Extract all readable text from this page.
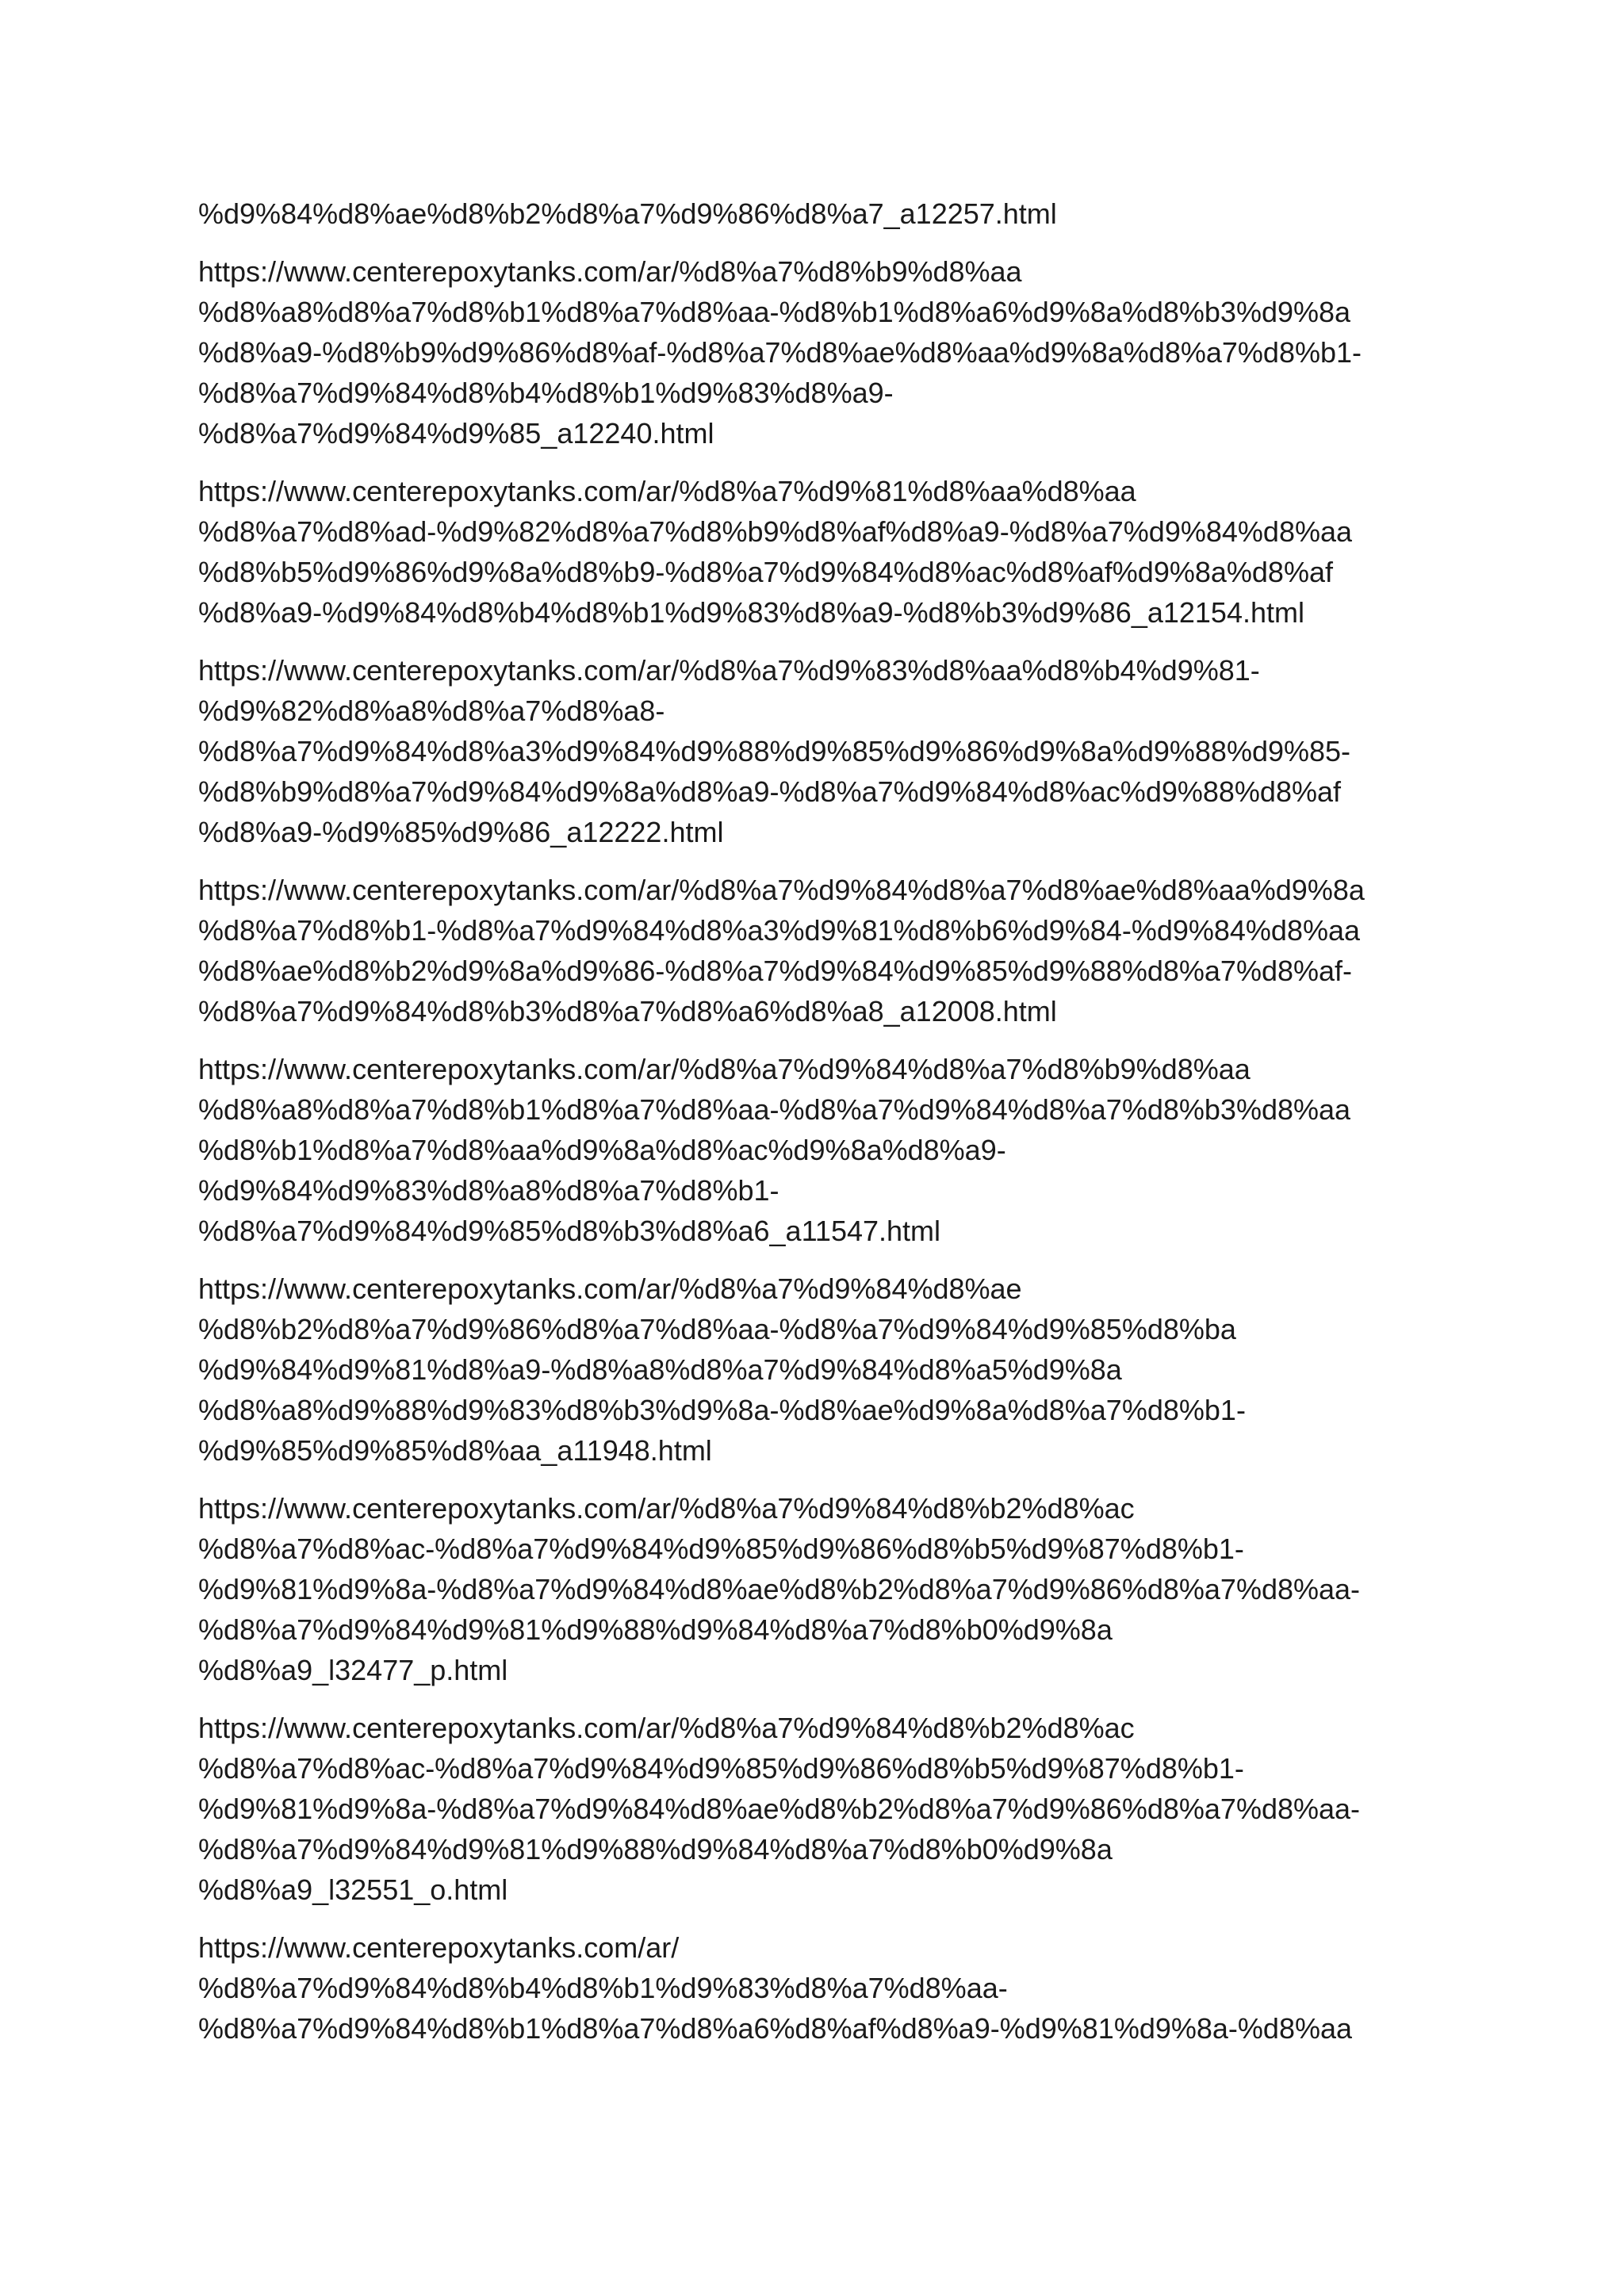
%d9%84%d8%ae%d8%b2%d8%a7%d9%86%d8%a7_a12257.html
https://www.centerepoxytanks.com/ar/%d8%a7%d8%b9%d8%aa
%d8%a8%d8%a7%d8%b1%d8%a7%d8%aa-%d8%b1%d8%a6%d9%8a%d8%b3%d9%8a
%d8%a9-%d8%b9%d9%86%d8%af-%d8%a7%d8%ae%d8%aa%d9%8a%d8%a7%d8%b1-
%d8%a7%d9%84%d8%b4%d8%b1%d9%83%d8%a9-
%d8%a7%d9%84%d9%85_a12240.html
https://www.centerepoxytanks.com/ar/%d8%a7%d9%81%d8%aa%d8%aa
%d8%a7%d8%ad-%d9%82%d8%a7%d8%b9%d8%af%d8%a9-%d8%a7%d9%84%d8%aa
%d8%b5%d9%86%d9%8a%d8%b9-%d8%a7%d9%84%d8%ac%d8%af%d9%8a%d8%af
%d8%a9-%d9%84%d8%b4%d8%b1%d9%83%d8%a9-%d8%b3%d9%86_a12154.html
https://www.centerepoxytanks.com/ar/%d8%a7%d9%83%d8%aa%d8%b4%d9%81-
%d9%82%d8%a8%d8%a7%d8%a8-
%d8%a7%d9%84%d8%a3%d9%84%d9%88%d9%85%d9%86%d9%8a%d9%88%d9%85-
%d8%b9%d8%a7%d9%84%d9%8a%d8%a9-%d8%a7%d9%84%d8%ac%d9%88%d8%af
%d8%a9-%d9%85%d9%86_a12222.html
https://www.centerepoxytanks.com/ar/%d8%a7%d9%84%d8%a7%d8%ae%d8%aa%d9%8a
%d8%a7%d8%b1-%d8%a7%d9%84%d8%a3%d9%81%d8%b6%d9%84-%d9%84%d8%aa
%d8%ae%d8%b2%d9%8a%d9%86-%d8%a7%d9%84%d9%85%d9%88%d8%a7%d8%af-
%d8%a7%d9%84%d8%b3%d8%a7%d8%a6%d8%a8_a12008.html
https://www.centerepoxytanks.com/ar/%d8%a7%d9%84%d8%a7%d8%b9%d8%aa
%d8%a8%d8%a7%d8%b1%d8%a7%d8%aa-%d8%a7%d9%84%d8%a7%d8%b3%d8%aa
%d8%b1%d8%a7%d8%aa%d9%8a%d8%ac%d9%8a%d8%a9-
%d9%84%d9%83%d8%a8%d8%a7%d8%b1-
%d8%a7%d9%84%d9%85%d8%b3%d8%a6_a11547.html
https://www.centerepoxytanks.com/ar/%d8%a7%d9%84%d8%ae
%d8%b2%d8%a7%d9%86%d8%a7%d8%aa-%d8%a7%d9%84%d9%85%d8%ba
%d9%84%d9%81%d8%a9-%d8%a8%d8%a7%d9%84%d8%a5%d9%8a
%d8%a8%d9%88%d9%83%d8%b3%d9%8a-%d8%ae%d9%8a%d8%a7%d8%b1-
%d9%85%d9%85%d8%aa_a11948.html
https://www.centerepoxytanks.com/ar/%d8%a7%d9%84%d8%b2%d8%ac
%d8%a7%d8%ac-%d8%a7%d9%84%d9%85%d9%86%d8%b5%d9%87%d8%b1-
%d9%81%d9%8a-%d8%a7%d9%84%d8%ae%d8%b2%d8%a7%d9%86%d8%a7%d8%aa-
%d8%a7%d9%84%d9%81%d9%88%d9%84%d8%a7%d8%b0%d9%8a
%d8%a9_l32477_p.html
https://www.centerepoxytanks.com/ar/%d8%a7%d9%84%d8%b2%d8%ac
%d8%a7%d8%ac-%d8%a7%d9%84%d9%85%d9%86%d8%b5%d9%87%d8%b1-
%d9%81%d9%8a-%d8%a7%d9%84%d8%ae%d8%b2%d8%a7%d9%86%d8%a7%d8%aa-
%d8%a7%d9%84%d9%81%d9%88%d9%84%d8%a7%d8%b0%d9%8a
%d8%a9_l32551_o.html
https://www.centerepoxytanks.com/ar/
%d8%a7%d9%84%d8%b4%d8%b1%d9%83%d8%a7%d8%aa-
%d8%a7%d9%84%d8%b1%d8%a7%d8%a6%d8%af%d8%a9-%d9%81%d9%8a-%d8%aa
